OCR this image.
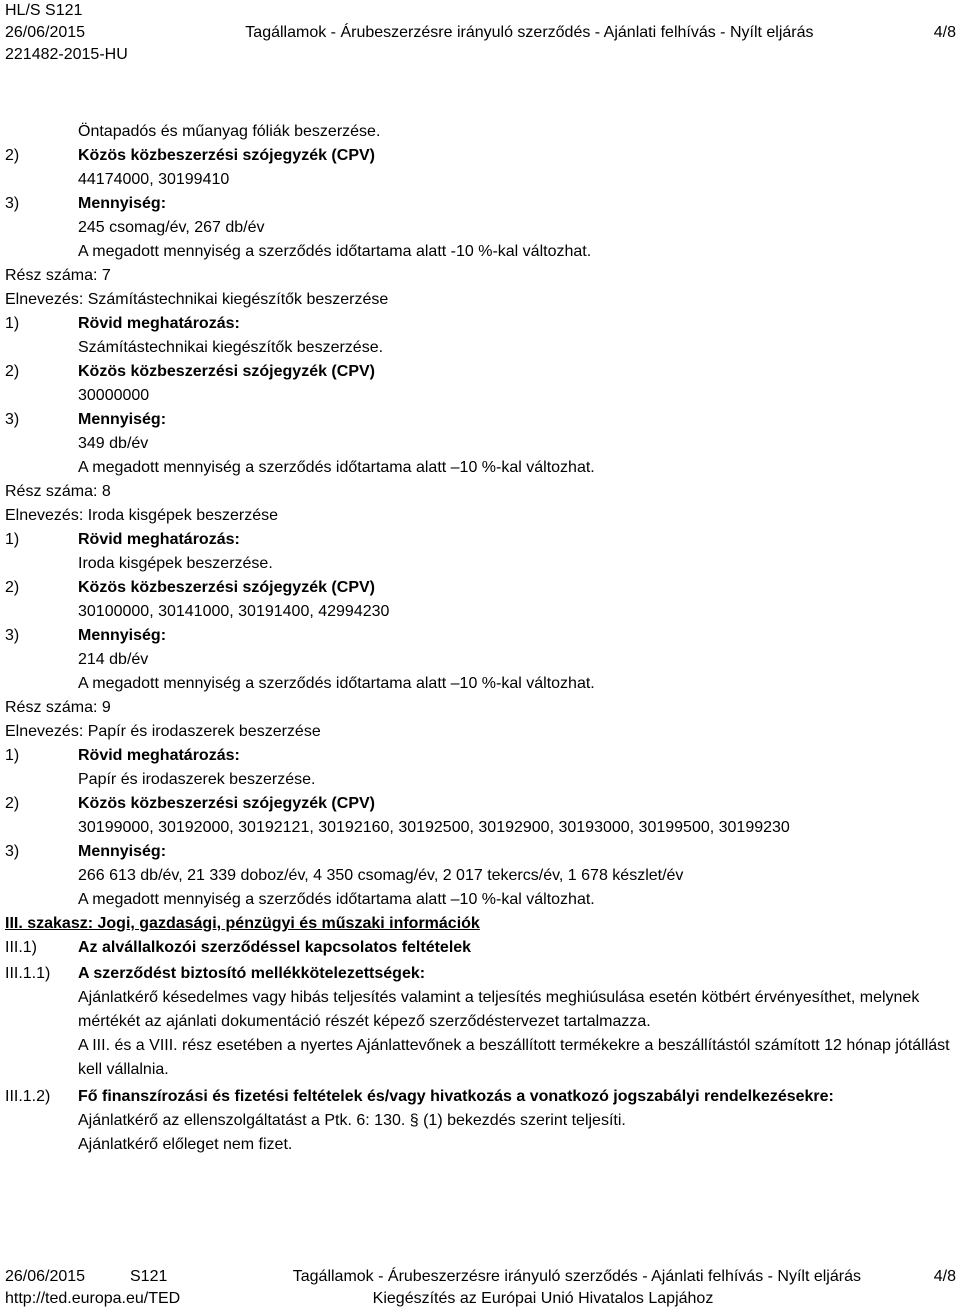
HL/S S121
26/06/2015	Tagállamok - Árubeszerzésre irányuló szerződés - Ajánlati felhívás - Nyílt eljárás	4/8
221482-2015-HU
Öntapadós és műanyag fóliák beszerzése.
2)	Közös közbeszerzési szójegyzék (CPV)
44174000, 30199410
3)	Mennyiség:
245 csomag/év, 267 db/év
A megadott mennyiség a szerződés időtartama alatt -10 %-kal változhat.
Rész száma: 7
Elnevezés: Számítástechnikai kiegészítők beszerzése
1)	Rövid meghatározás:
Számítástechnikai kiegészítők beszerzése.
2)	Közös közbeszerzési szójegyzék (CPV)
30000000
3)	Mennyiség:
349 db/év
A megadott mennyiség a szerződés időtartama alatt –10 %-kal változhat.
Rész száma: 8
Elnevezés: Iroda kisgépek beszerzése
1)	Rövid meghatározás:
Iroda kisgépek beszerzése.
2)	Közös közbeszerzési szójegyzék (CPV)
30100000, 30141000, 30191400, 42994230
3)	Mennyiség:
214 db/év
A megadott mennyiség a szerződés időtartama alatt –10 %-kal változhat.
Rész száma: 9
Elnevezés: Papír és irodaszerek beszerzése
1)	Rövid meghatározás:
Papír és irodaszerek beszerzése.
2)	Közös közbeszerzési szójegyzék (CPV)
30199000, 30192000, 30192121, 30192160, 30192500, 30192900, 30193000, 30199500, 30199230
3)	Mennyiség:
266 613 db/év, 21 339 doboz/év, 4 350 csomag/év, 2 017 tekercs/év, 1 678 készlet/év
A megadott mennyiség a szerződés időtartama alatt –10 %-kal változhat.
III. szakasz: Jogi, gazdasági, pénzügyi és műszaki információk
III.1)	Az alvállalkozói szerződéssel kapcsolatos feltételek
III.1.1)	A szerződést biztosító mellékkötelezettségek:
Ajánlatkérő késedelmes vagy hibás teljesítés valamint a teljesítés meghiúsulása esetén kötbért érvényesíthet, melynek mértékét az ajánlati dokumentáció részét képező szerződéstervezet tartalmazza.
A III. és a VIII. rész esetében a nyertes Ajánlattevőnek a beszállított termékekre a beszállítástól számított 12 hónap jótállást kell vállalnia.
III.1.2)	Fő finanszírozási és fizetési feltételek és/vagy hivatkozás a vonatkozó jogszabályi rendelkezésekre:
Ajánlatkérő az ellenszolgáltatást a Ptk. 6: 130. § (1) bekezdés szerint teljesíti.
Ajánlatkérő előleget nem fizet.
26/06/2015	S121	Tagállamok - Árubeszerzésre irányuló szerződés - Ajánlati felhívás - Nyílt eljárás	4/8
http://ted.europa.eu/TED	Kiegészítés az Európai Unió Hivatalos Lapjához
